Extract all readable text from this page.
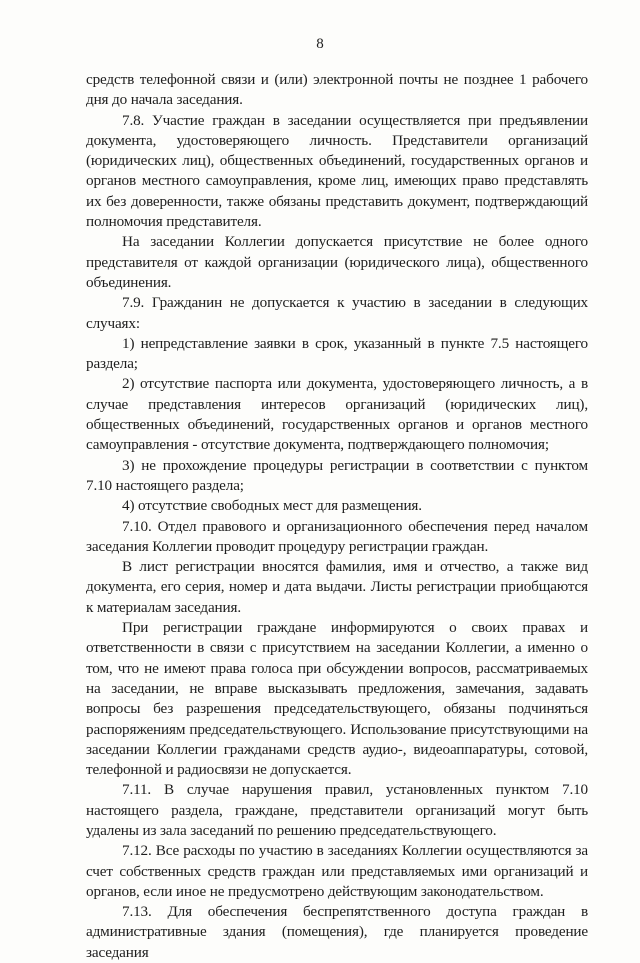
8

средств телефонной связи и (или) электронной почты не позднее 1 рабочего дня до начала заседания.

7.8. Участие граждан в заседании осуществляется при предъявлении документа, удостоверяющего личность. Представители организаций (юридических лиц), общественных объединений, государственных органов и органов местного самоуправления, кроме лиц, имеющих право представлять их без доверенности, также обязаны представить документ, подтверждающий полномочия представителя.

На заседании Коллегии допускается присутствие не более одного представителя от каждой организации (юридического лица), общественного объединения.

7.9. Гражданин не допускается к участию в заседании в следующих случаях:

1) непредставление заявки в срок, указанный в пункте 7.5 настоящего раздела;

2) отсутствие паспорта или документа, удостоверяющего личность, а в случае представления интересов организаций (юридических лиц), общественных объединений, государственных органов и органов местного самоуправления - отсутствие документа, подтверждающего полномочия;

3) не прохождение процедуры регистрации в соответствии с пунктом 7.10 настоящего раздела;

4) отсутствие свободных мест для размещения.

7.10. Отдел правового и организационного обеспечения перед началом заседания Коллегии проводит процедуру регистрации граждан.

В лист регистрации вносятся фамилия, имя и отчество, а также вид документа, его серия, номер и дата выдачи. Листы регистрации приобщаются к материалам заседания.

При регистрации граждане информируются о своих правах и ответственности в связи с присутствием на заседании Коллегии, а именно о том, что не имеют права голоса при обсуждении вопросов, рассматриваемых на заседании, не вправе высказывать предложения, замечания, задавать вопросы без разрешения председательствующего, обязаны подчиняться распоряжениям председательствующего. Использование присутствующими на заседании Коллегии гражданами средств аудио-, видеоаппаратуры, сотовой, телефонной и радиосвязи не допускается.

7.11. В случае нарушения правил, установленных пунктом 7.10 настоящего раздела, граждане, представители организаций могут быть удалены из зала заседаний по решению председательствующего.

7.12. Все расходы по участию в заседаниях Коллегии осуществляются за счет собственных средств граждан или представляемых ими организаций и органов, если иное не предусмотрено действующим законодательством.

7.13. Для обеспечения беспрепятственного доступа граждан в административные здания (помещения), где планируется проведение заседания
